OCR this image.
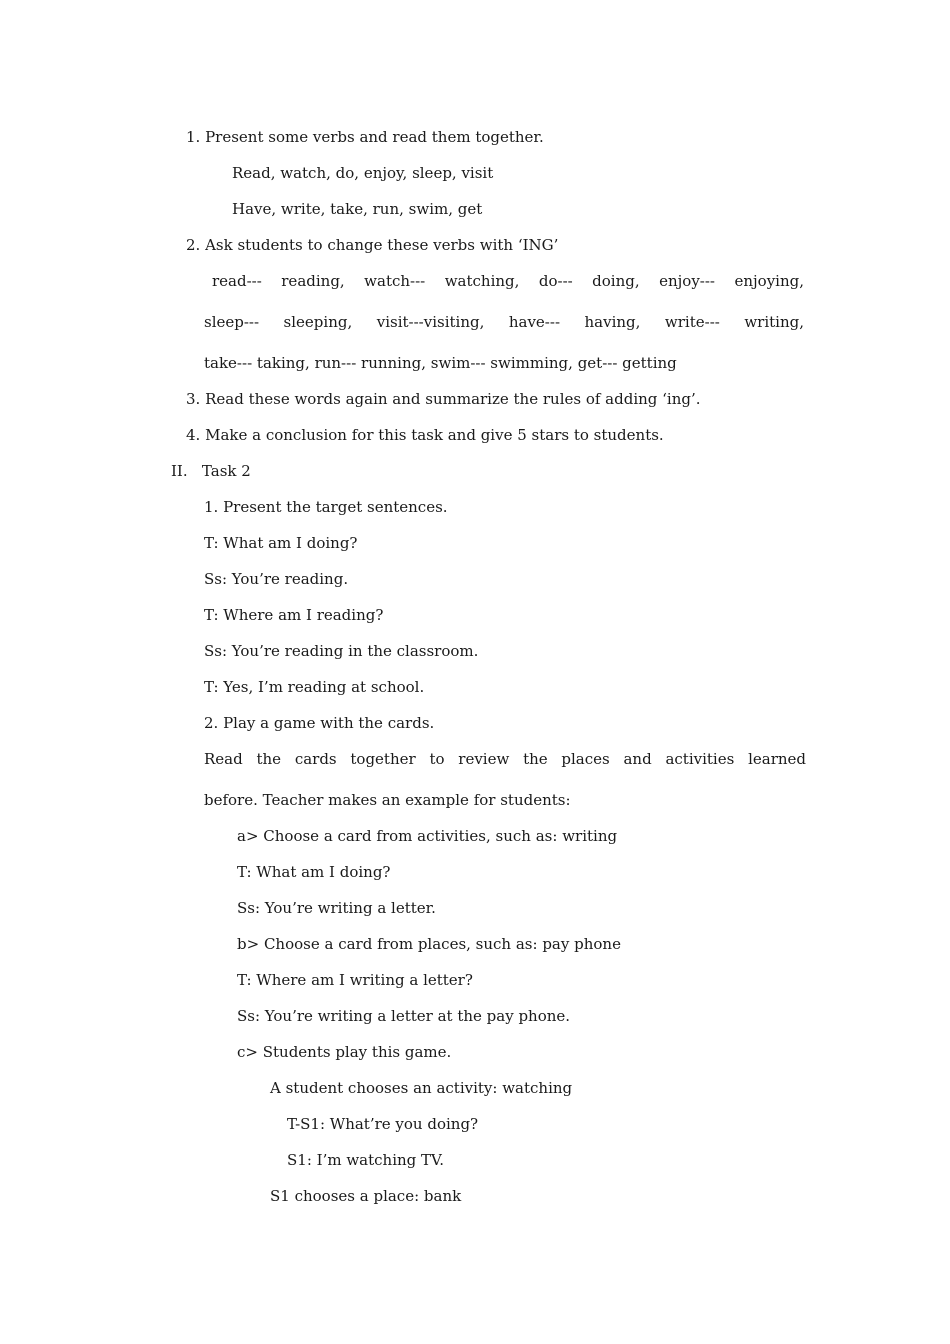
1. Present some verbs and read them together.
Read, watch, do, enjoy, sleep, visit
Have, write, take, run, swim, get
2. Ask students to change these verbs with ‘ING’
read--- reading, watch--- watching, do--- doing, enjoy--- enjoying,
sleep--- sleeping, visit---visiting, have--- having, write--- writing,
take--- taking, run--- running, swim--- swimming, get--- getting
3. Read these words again and summarize the rules of adding ‘ing’.
4. Make a conclusion for this task and give 5 stars to students.
II.   Task 2
1. Present the target sentences.
T: What am I doing?
Ss: You’re reading.
T: Where am I reading?
Ss: You’re reading in the classroom.
T: Yes, I’m reading at school.
2. Play a game with the cards.
Read the cards together to review the places and activities learned
before. Teacher makes an example for students:
a> Choose a card from activities, such as: writing
T: What am I doing?
Ss: You’re writing a letter.
b> Choose a card from places, such as: pay phone
T: Where am I writing a letter?
Ss: You’re writing a letter at the pay phone.
c> Students play this game.
A student chooses an activity: watching
T-S1: What’re you doing?
S1: I’m watching TV.
S1 chooses a place: bank
